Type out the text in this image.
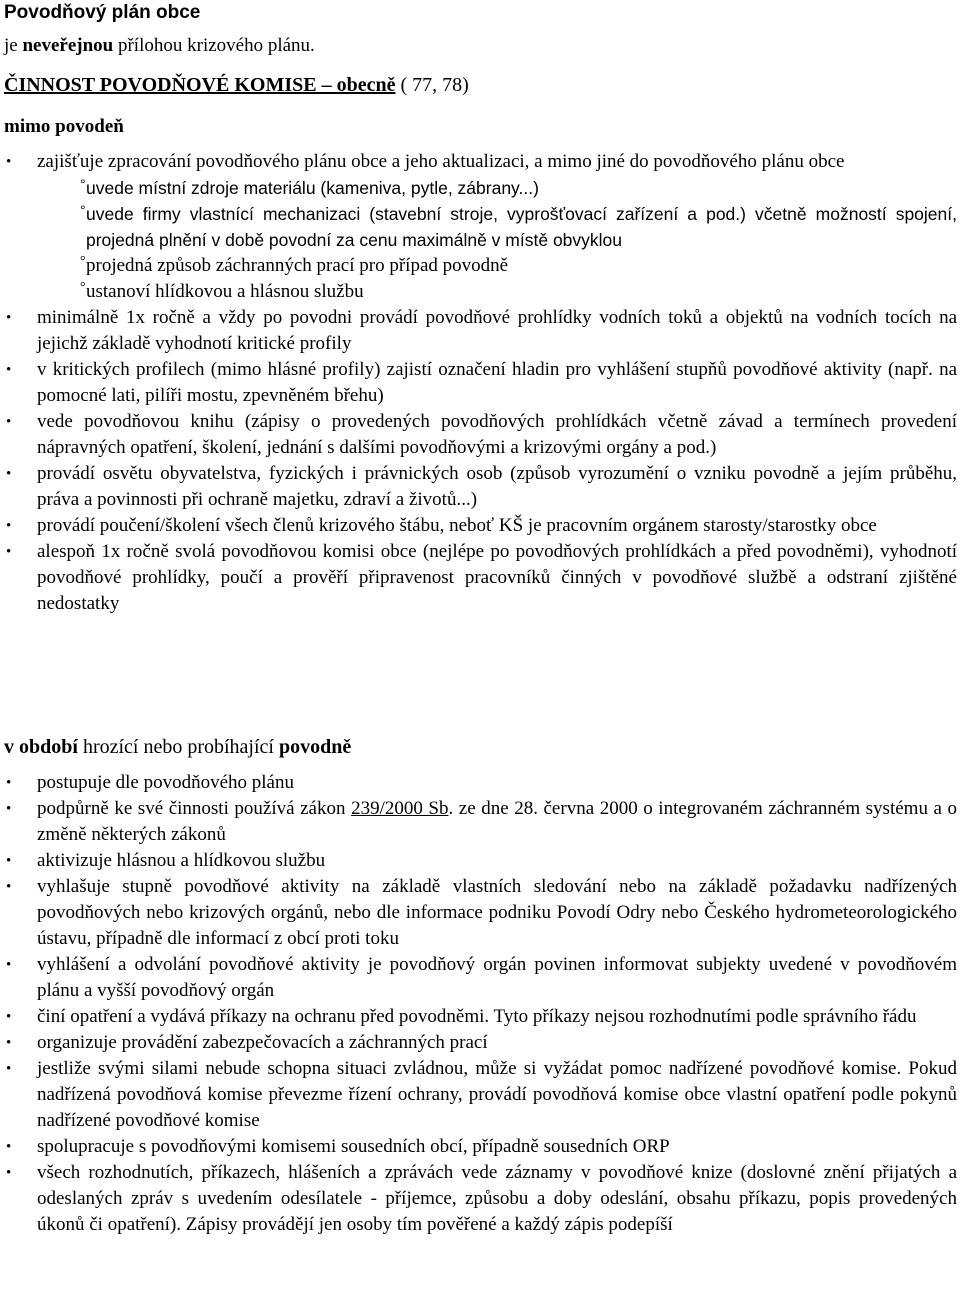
Povodňový plán obce
je neveřejnou přílohou krizového plánu.
ČINNOST POVODŇOVÉ KOMISE – obecně ( 77, 78)
mimo povodeň
• zajišťuje zpracování povodňového plánu obce a jeho aktualizaci, a mimo jiné do povodňového plánu obce
° uvede místní zdroje materiálu (kameniva, pytle, zábrany...)
° uvede firmy vlastnící mechanizaci (stavební stroje, vyprošťovací zařízení a pod.) včetně možností spojení, projedná plnění v době povodní za cenu maximálně v místě obvyklou
° projedná způsob záchranných prací pro případ povodně
° ustanoví hlídkovou a hlásnou službu
• minimálně 1x ročně a vždy po povodni provádí povodňové prohlídky vodních toků a objektů na vodních tocích na jejichž základě vyhodnotí kritické profily
• v kritických profilech (mimo hlásné profily) zajistí označení hladin pro vyhlášení stupňů povodňové aktivity (např. na pomocné lati, pilíři mostu, zpevněném břehu)
• vede povodňovou knihu (zápisy o provedených povodňových prohlídkách včetně závad a termínech provedení nápravných opatření, školení, jednání s dalšími povodňovými a krizovými orgány a pod.)
• provádí osvětu obyvatelstva, fyzických i právnických osob (způsob vyrozumění o vzniku povodně a jejím průběhu, práva a povinnosti při ochraně majetku, zdraví a životů...)
• provádí poučení/školení všech členů krizového štábu, neboť KŠ je pracovním orgánem starosty/starostky obce
• alespoň 1x ročně svolá povodňovou komisi obce (nejlépe po povodňových prohlídkách a před povodněmi), vyhodnotí povodňové prohlídky, poučí a prověří připravenost pracovníků činných v povodňové službě a odstraní zjištěné nedostatky
v období hrozící nebo probíhající povodně
• postupuje dle povodňového plánu
• podpůrně ke své činnosti používá zákon 239/2000 Sb. ze dne 28. června 2000 o integrovaném záchranném systému a o změně některých zákonů
• aktivizuje hlásnou a hlídkovou službu
• vyhlašuje stupně povodňové aktivity na základě vlastních sledování nebo na základě požadavku nadřízených povodňových nebo krizových orgánů, nebo dle informace podniku Povodí Odry nebo Českého hydrometeorologického ústavu, případně dle informací z obcí proti toku
• vyhlášení a odvolání povodňové aktivity je povodňový orgán povinen informovat subjekty uvedené v povodňovém plánu a vyšší povodňový orgán
• činí opatření a vydává příkazy na ochranu před povodněmi. Tyto příkazy nejsou rozhodnutími podle správního řádu
• organizuje provádění zabezpečovacích a záchranných prací
• jestliže svými silami nebude schopna situaci zvládnou, může si vyžádat pomoc nadřízené povodňové komise. Pokud nadřízená povodňová komise převezme řízení ochrany, provádí povodňová komise obce vlastní opatření podle pokynů nadřízené povodňové komise
• spolupracuje s povodňovými komisemi sousedních obcí, případně sousedních ORP
• všech rozhodnutích, příkazech, hlášeních a zprávách vede záznamy v povodňové knize (doslovné znění přijatých a odeslaných zpráv s uvedením odesílatele - příjemce, způsobu a doby odeslání, obsahu příkazu, popis provedených úkonů či opatření). Zápisy provádějí jen osoby tím pověřené a každý zápis podepíší
